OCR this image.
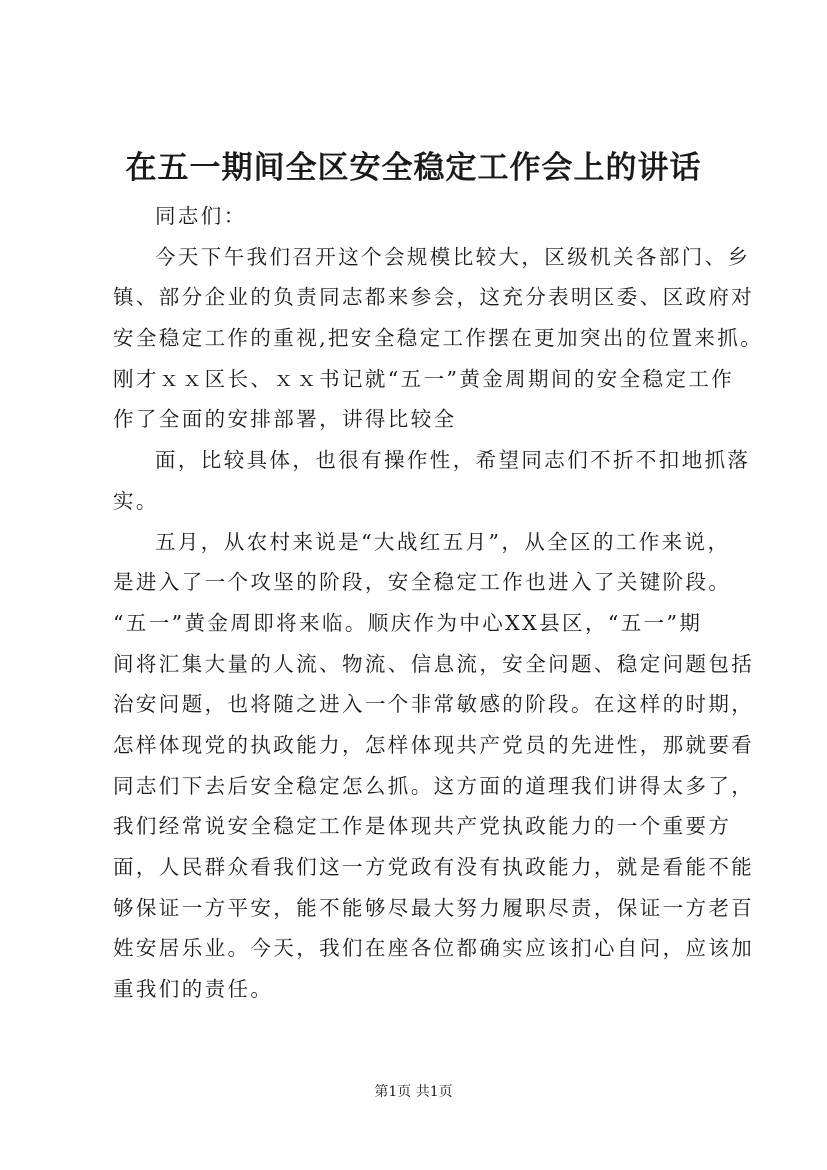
在五一期间全区安全稳定工作会上的讲话
同志们：
今天下午我们召开这个会规模比较大，区级机关各部门、乡
镇、部分企业的负责同志都来参会，这充分表明区委、区政府对
安全稳定工作的重视,把安全稳定工作摆在更加突出的位置来抓。
刚才ｘｘ区长、ｘｘ书记就“五一”黄金周期间的安全稳定工作
作了全面的安排部署，讲得比较全
面，比较具体，也很有操作性，希望同志们不折不扣地抓落
实。
五月，从农村来说是“大战红五月”，从全区的工作来说，
是进入了一个攻坚的阶段，安全稳定工作也进入了关键阶段。
“五一”黄金周即将来临。顺庆作为中心XX县区，“五一”期
间将汇集大量的人流、物流、信息流，安全问题、稳定问题包括
治安问题，也将随之进入一个非常敏感的阶段。在这样的时期，
怎样体现党的执政能力，怎样体现共产党员的先进性，那就要看
同志们下去后安全稳定怎么抓。这方面的道理我们讲得太多了，
我们经常说安全稳定工作是体现共产党执政能力的一个重要方
面，人民群众看我们这一方党政有没有执政能力，就是看能不能
够保证一方平安，能不能够尽最大努力履职尽责，保证一方老百
姓安居乐业。今天，我们在座各位都确实应该扪心自问，应该加
重我们的责任。
第1页 共1页
